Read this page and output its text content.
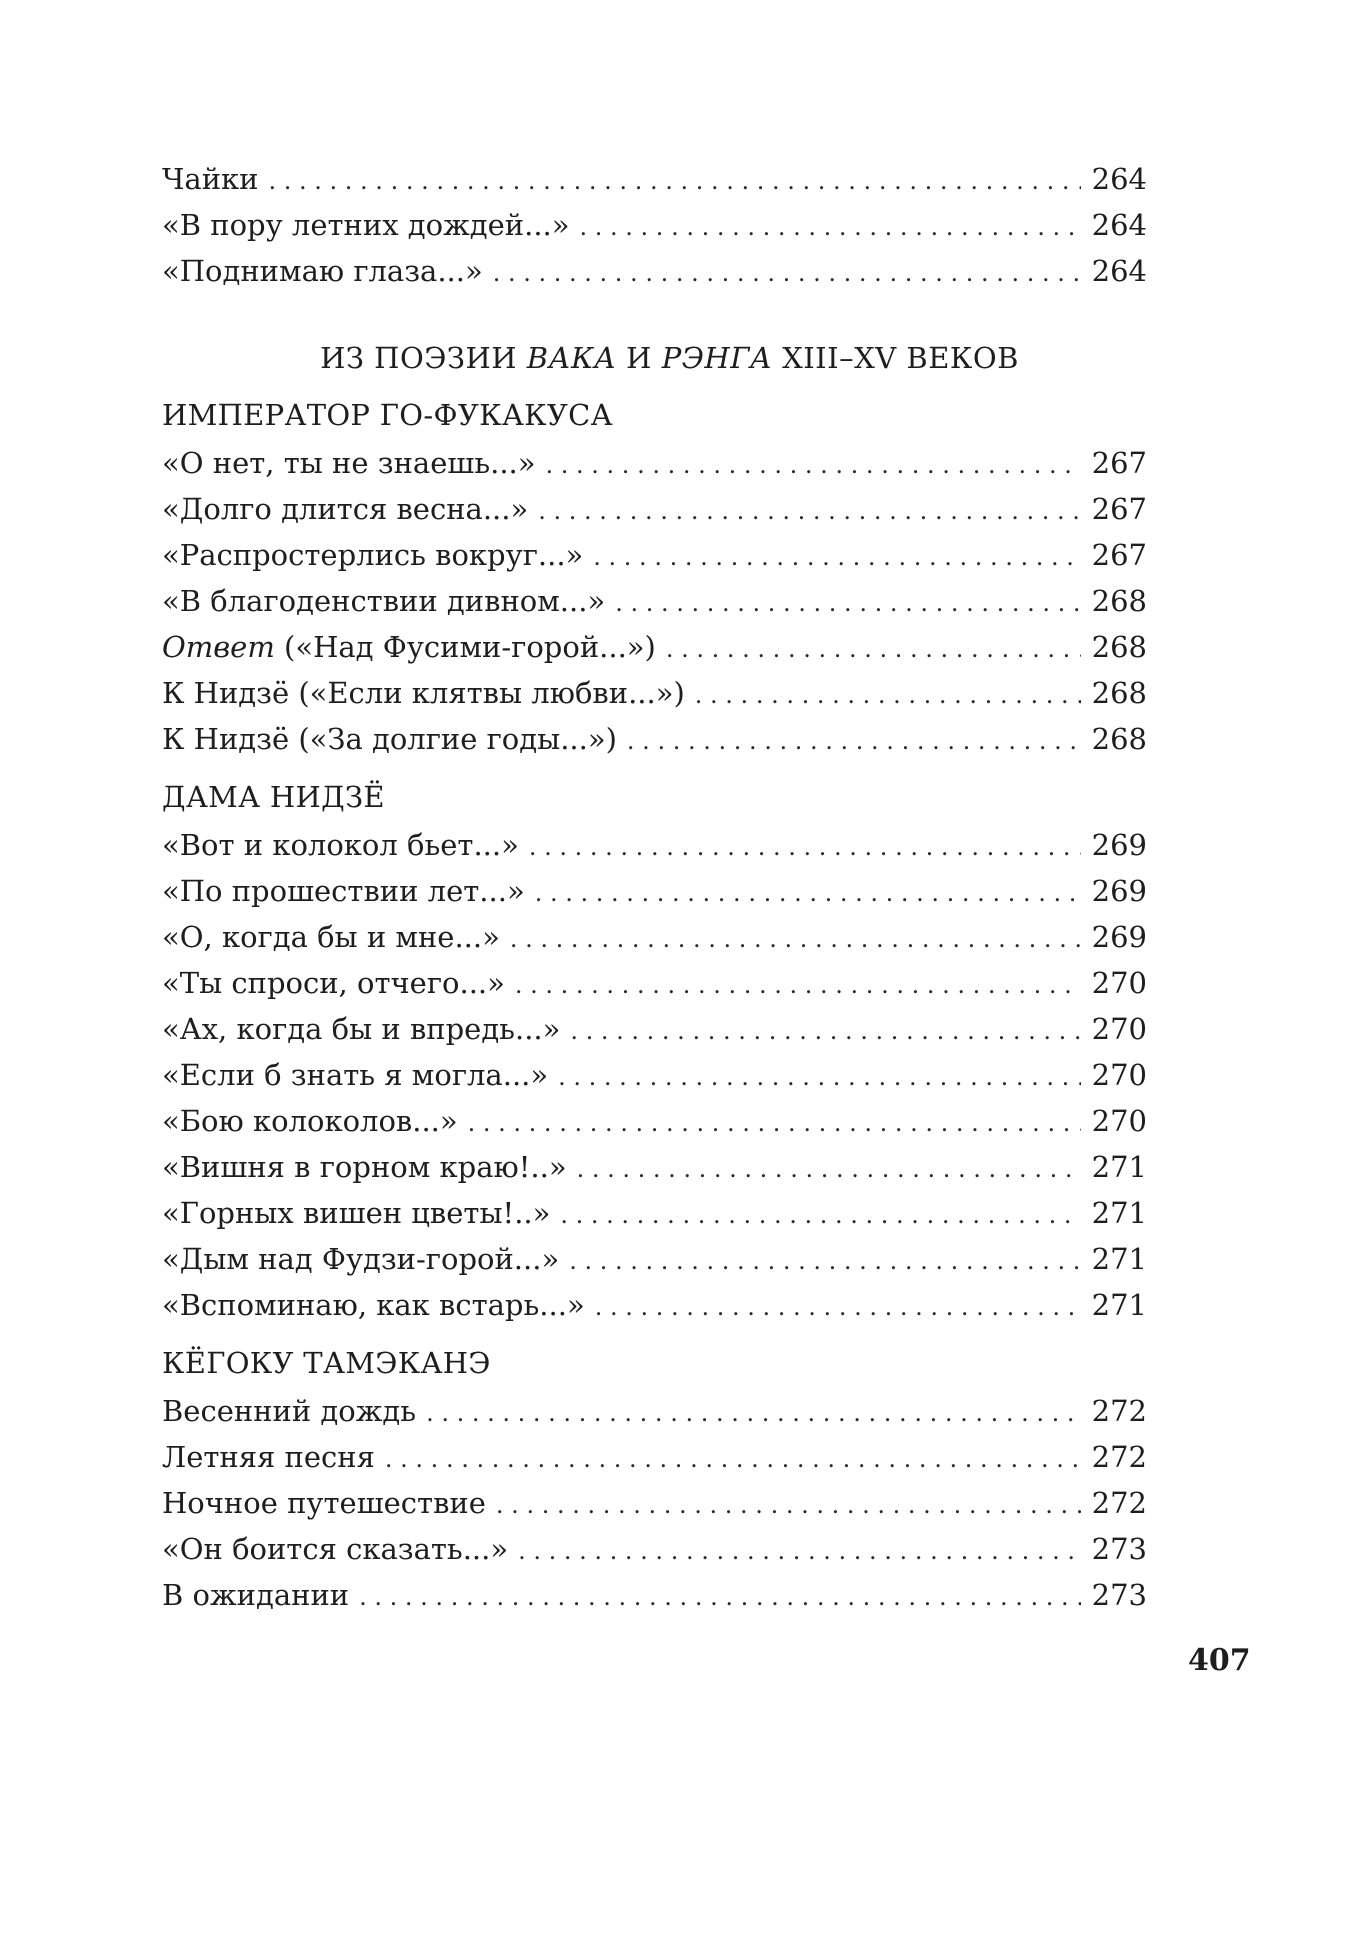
Чайки . . .	264
«В пору летних дождей...» . . .	264
«Поднимаю глаза...» . . .	264
ИЗ ПОЭЗИИ ВАКА И РЭНГА XIII–XV ВЕКОВ
ИМПЕРАТОР ГО-ФУКАКУСА
«О нет, ты не знаешь...» . . .	267
«Долго длится весна...» . . .	267
«Распростерлись вокруг...» . . .	267
«В благоденствии дивном...» . . .	268
Ответ («Над Фусими-горой...») . . .	268
К Нидзё («Если клятвы любви...») . . .	268
К Нидзё («За долгие годы...») . . .	268
ДАМА НИДЗЁ
«Вот и колокол бьет...» . . .	269
«По прошествии лет...» . . .	269
«О, когда бы и мне...» . . .	269
«Ты спроси, отчего...» . . .	270
«Ах, когда бы и впредь...» . . .	270
«Если б знать я могла...» . . .	270
«Бою колоколов...» . . .	270
«Вишня в горном краю!..» . . .	271
«Горных вишен цветы!..» . . .	271
«Дым над Фудзи-горой...» . . .	271
«Вспоминаю, как встарь...» . . .	271
КЁГОКУ ТАМЭКАНЭ
Весенний дождь . . .	272
Летняя песня . . .	272
Ночное путешествие . . .	272
«Он боится сказать...» . . .	273
В ожидании . . .	273
407
